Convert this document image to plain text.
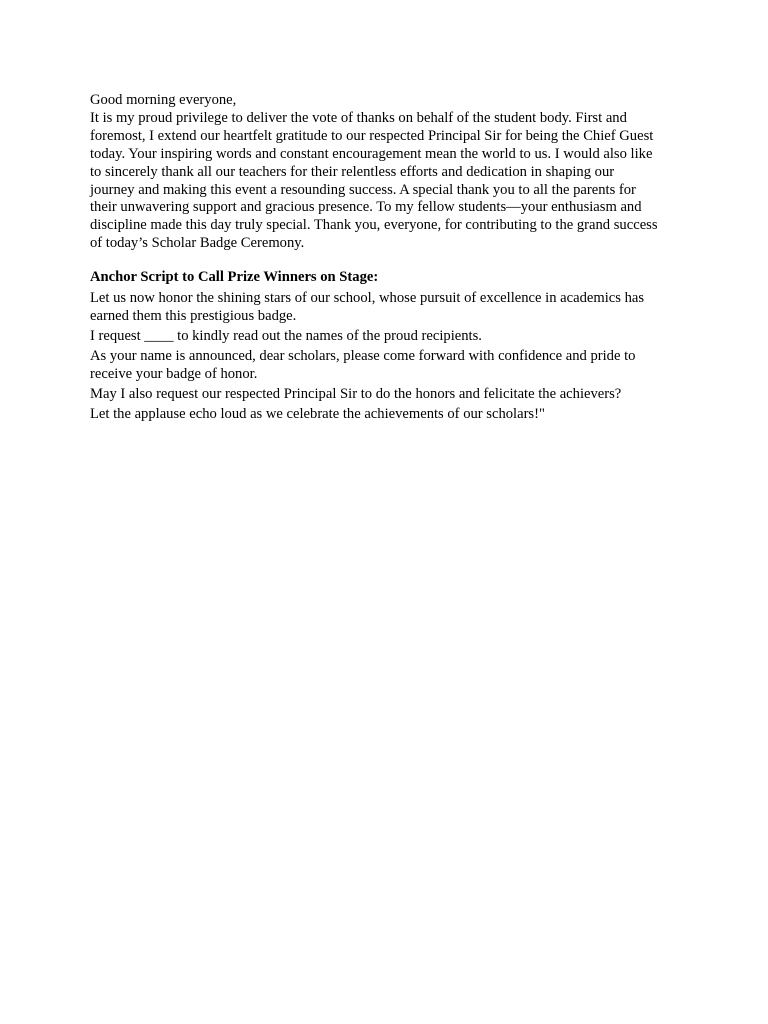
Good morning everyone,

It is my proud privilege to deliver the vote of thanks on behalf of the student body. First and

foremost, I extend our heartfelt gratitude to our respected Principal Sir for being the Chief Guest

today. Your inspiring words and constant encouragement mean the world to us. I would also like

to sincerely thank all our teachers for their relentless efforts and dedication in shaping our

journey and making this event a resounding success. A special thank you to all the parents for

their unwavering support and gracious presence. To my fellow students—your enthusiasm and

discipline made this day truly special. Thank you, everyone, for contributing to the grand success

of today’s Scholar Badge Ceremony.

Anchor Script to Call Prize Winners on Stage:

Let us now honor the shining stars of our school, whose pursuit of excellence in academics has

earned them this prestigious badge.

I request ____ to kindly read out the names of the proud recipients.

As your name is announced, dear scholars, please come forward with confidence and pride to

receive your badge of honor.

May I also request our respected Principal Sir to do the honors and felicitate the achievers?

Let the applause echo loud as we celebrate the achievements of our scholars!"
